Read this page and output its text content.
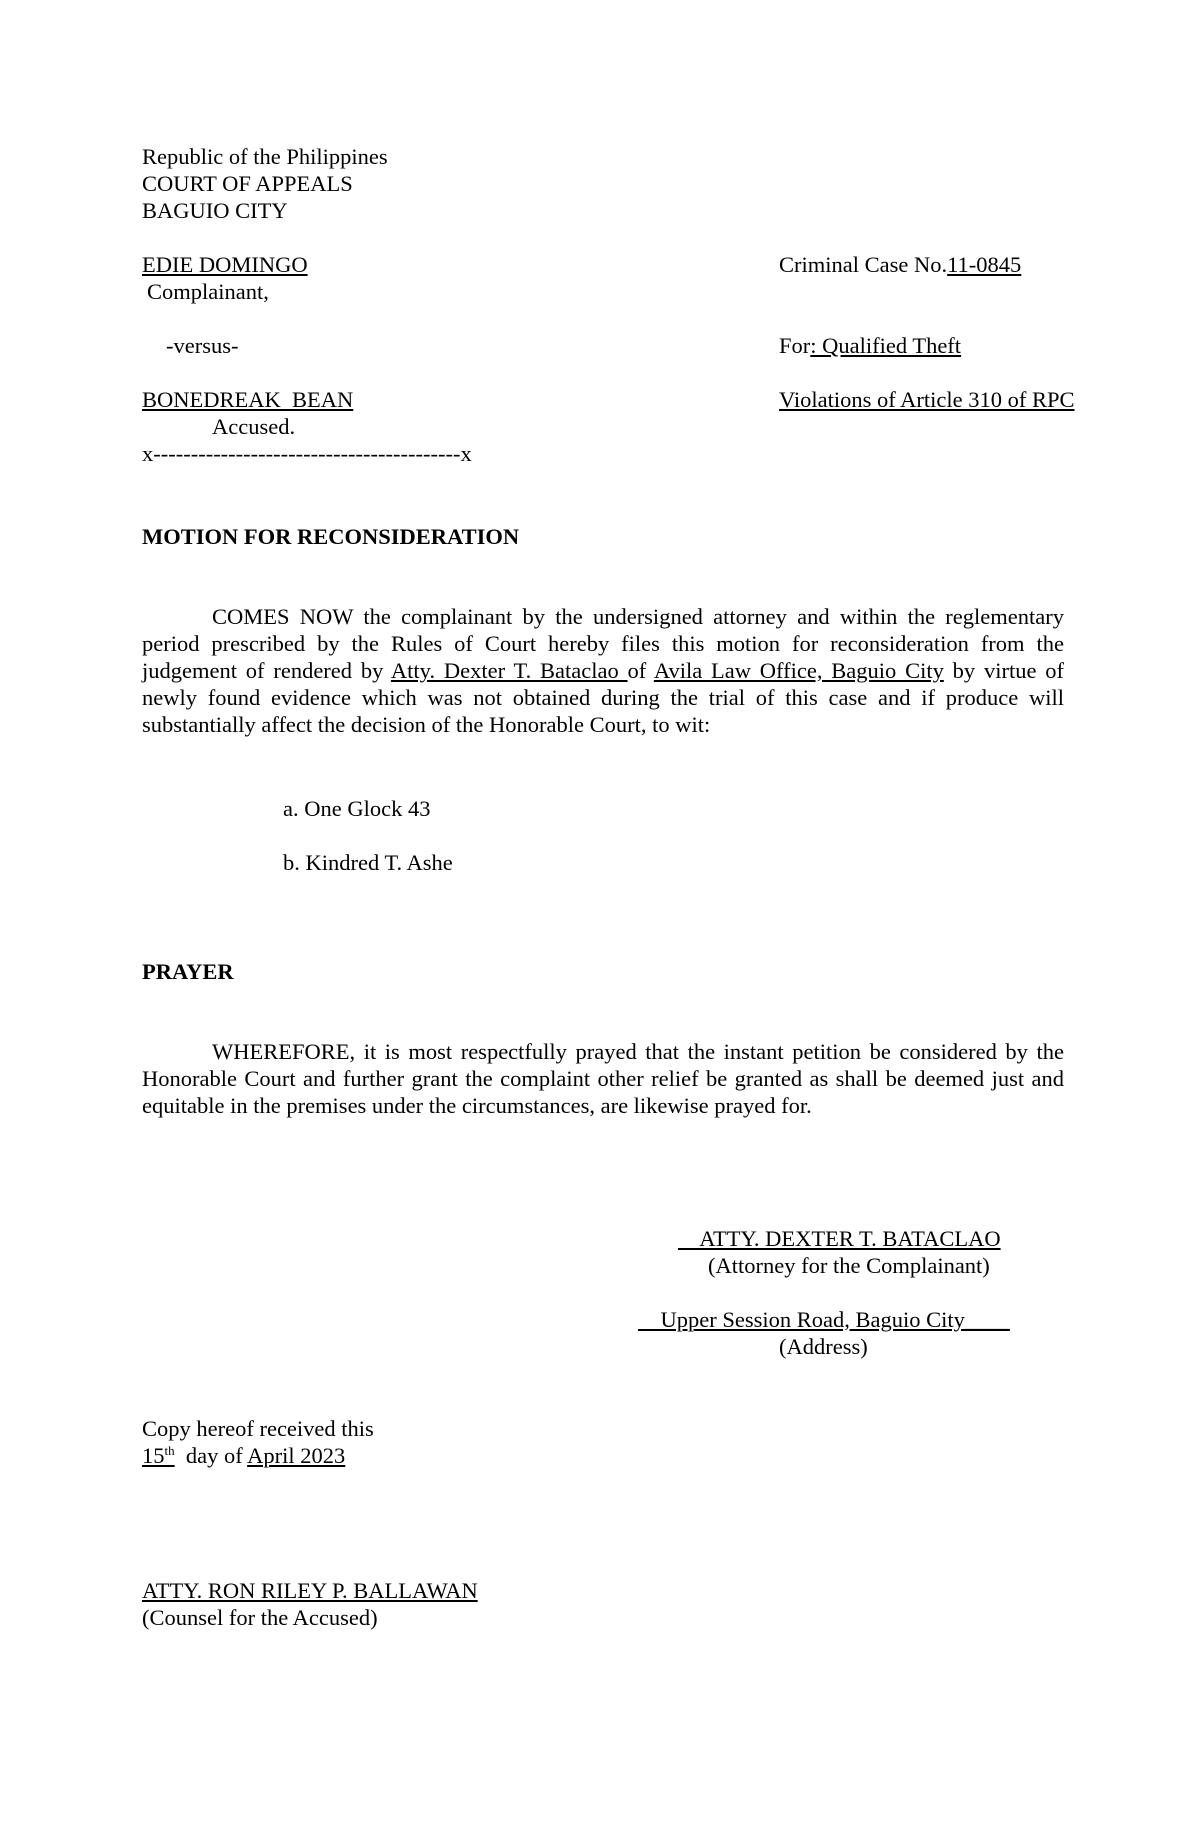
Republic of the Philippines
COURT OF APPEALS
BAGUIO CITY
EDIE DOMINGO
Complainant,
-versus-
BONEDREAK  BEAN
Accused.
x-----------------------------------------x
Criminal Case No.11-0845
For: Qualified Theft
Violations of Article 310 of RPC
MOTION FOR RECONSIDERATION
COMES NOW the complainant by the undersigned attorney and within the reglementary period prescribed by the Rules of Court hereby files this motion for reconsideration from the judgement of rendered by Atty. Dexter T. Bataclao of Avila Law Office, Baguio City by virtue of newly found evidence which was not obtained during the trial of this case and if produce will substantially affect the decision of the Honorable Court, to wit:
a. One Glock 43
b. Kindred T. Ashe
PRAYER
WHEREFORE, it is most respectfully prayed that the instant petition be considered by the Honorable Court and further grant the complaint other relief be granted as shall be deemed just and equitable in the premises under the circumstances, are likewise prayed for.
ATTY. DEXTER T. BATACLAO
(Attorney for the Complainant)
Upper Session Road, Baguio City____
(Address)
Copy hereof received this
15th  day of April 2023
ATTY. RON RILEY P. BALLAWAN
(Counsel for the Accused)
